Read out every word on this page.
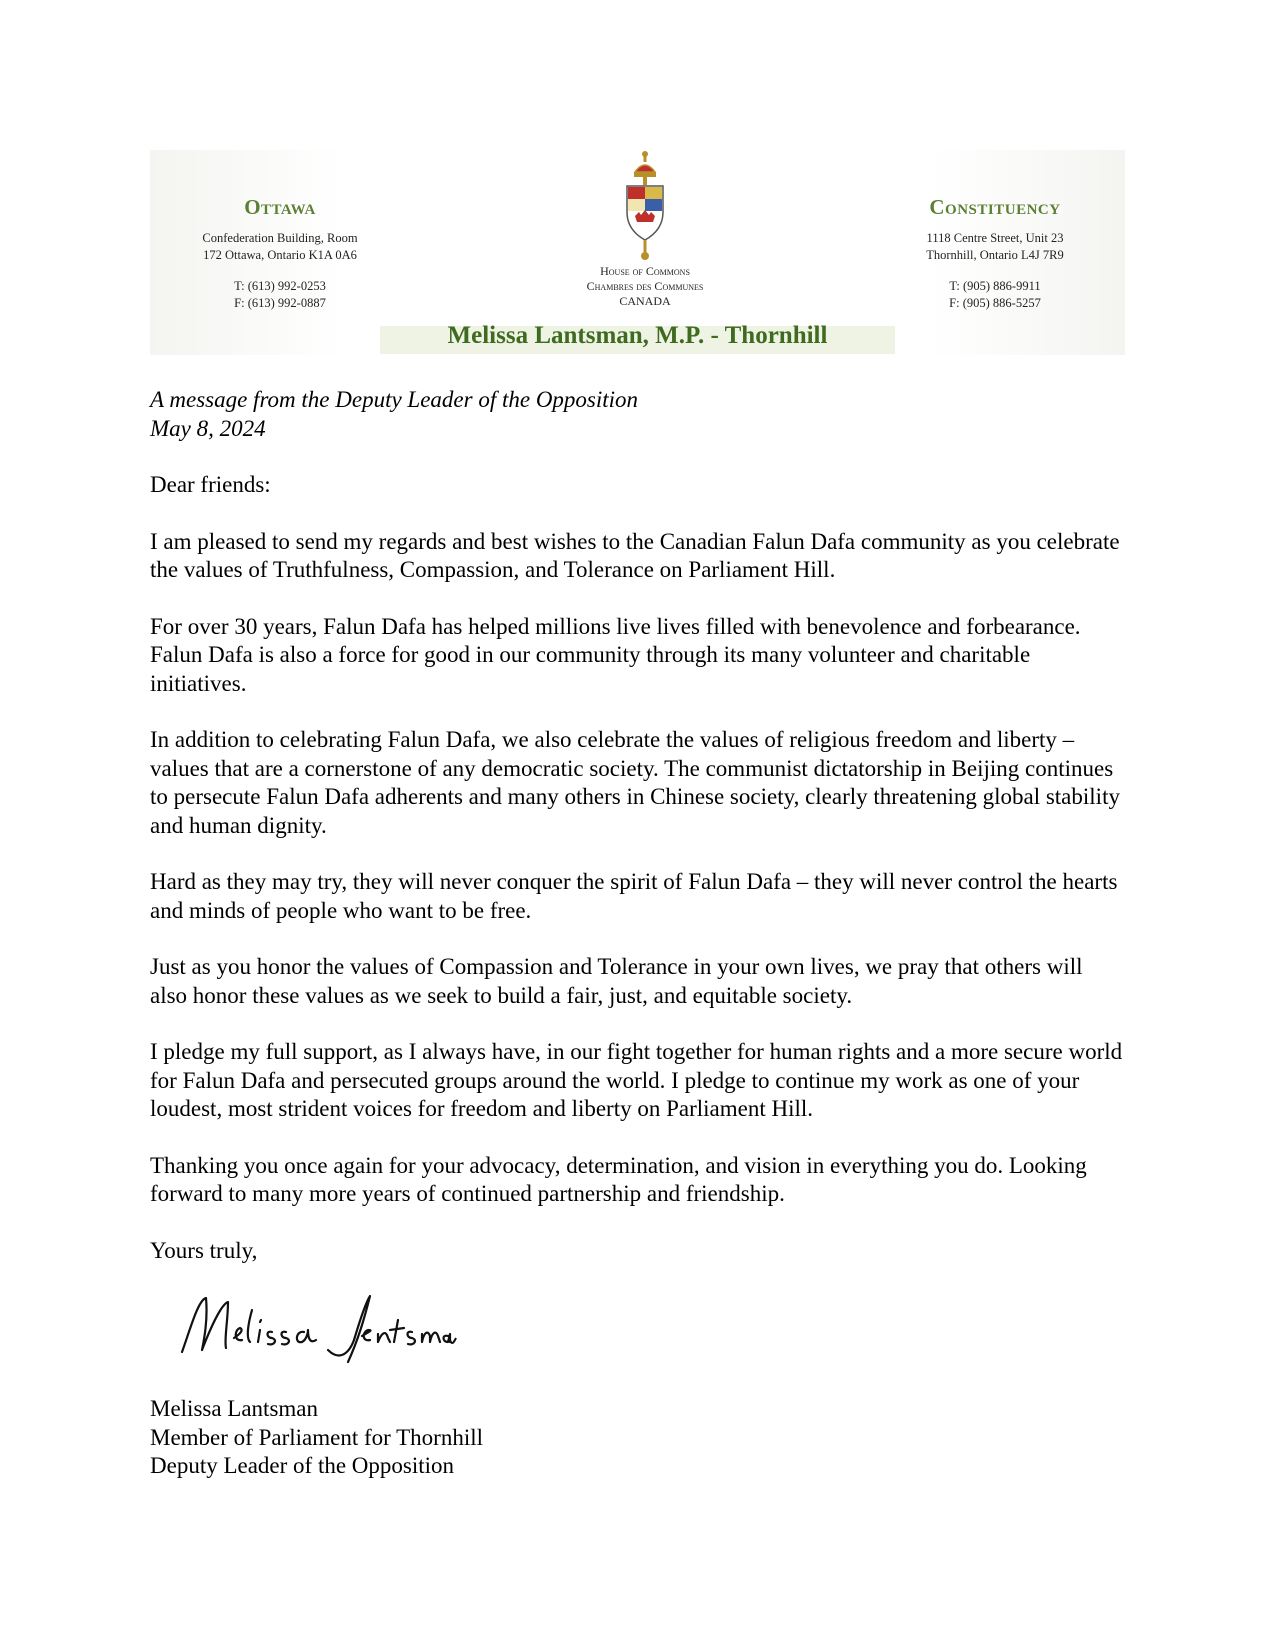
Ottawa
Confederation Building, Room
172 Ottawa, Ontario K1A 0A6
T: (613) 992-0253
F: (613) 992-0887
House of Commons
Chambres des Communes
CANADA
Constituency
1118 Centre Street, Unit 23
Thornhill, Ontario L4J 7R9
T: (905) 886-9911
F: (905) 886-5257
Melissa Lantsman, M.P. - Thornhill

A message from the Deputy Leader of the Opposition

May 8, 2024

Dear friends:

I am pleased to send my regards and best wishes to the Canadian Falun Dafa community as you celebrate the values of Truthfulness, Compassion, and Tolerance on Parliament Hill.

For over 30 years, Falun Dafa has helped millions live lives filled with benevolence and forbearance. Falun Dafa is also a force for good in our community through its many volunteer and charitable initiatives.

In addition to celebrating Falun Dafa, we also celebrate the values of religious freedom and liberty – values that are a cornerstone of any democratic society. The communist dictatorship in Beijing continues to persecute Falun Dafa adherents and many others in Chinese society, clearly threatening global stability and human dignity.

Hard as they may try, they will never conquer the spirit of Falun Dafa – they will never control the hearts and minds of people who want to be free.

Just as you honor the values of Compassion and Tolerance in your own lives, we pray that others will also honor these values as we seek to build a fair, just, and equitable society.

I pledge my full support, as I always have, in our fight together for human rights and a more secure world for Falun Dafa and persecuted groups around the world. I pledge to continue my work as one of your loudest, most strident voices for freedom and liberty on Parliament Hill.

Thanking you once again for your advocacy, determination, and vision in everything you do. Looking forward to many more years of continued partnership and friendship.

Yours truly,

Melissa Lantsman
Member of Parliament for Thornhill
Deputy Leader of the Opposition
